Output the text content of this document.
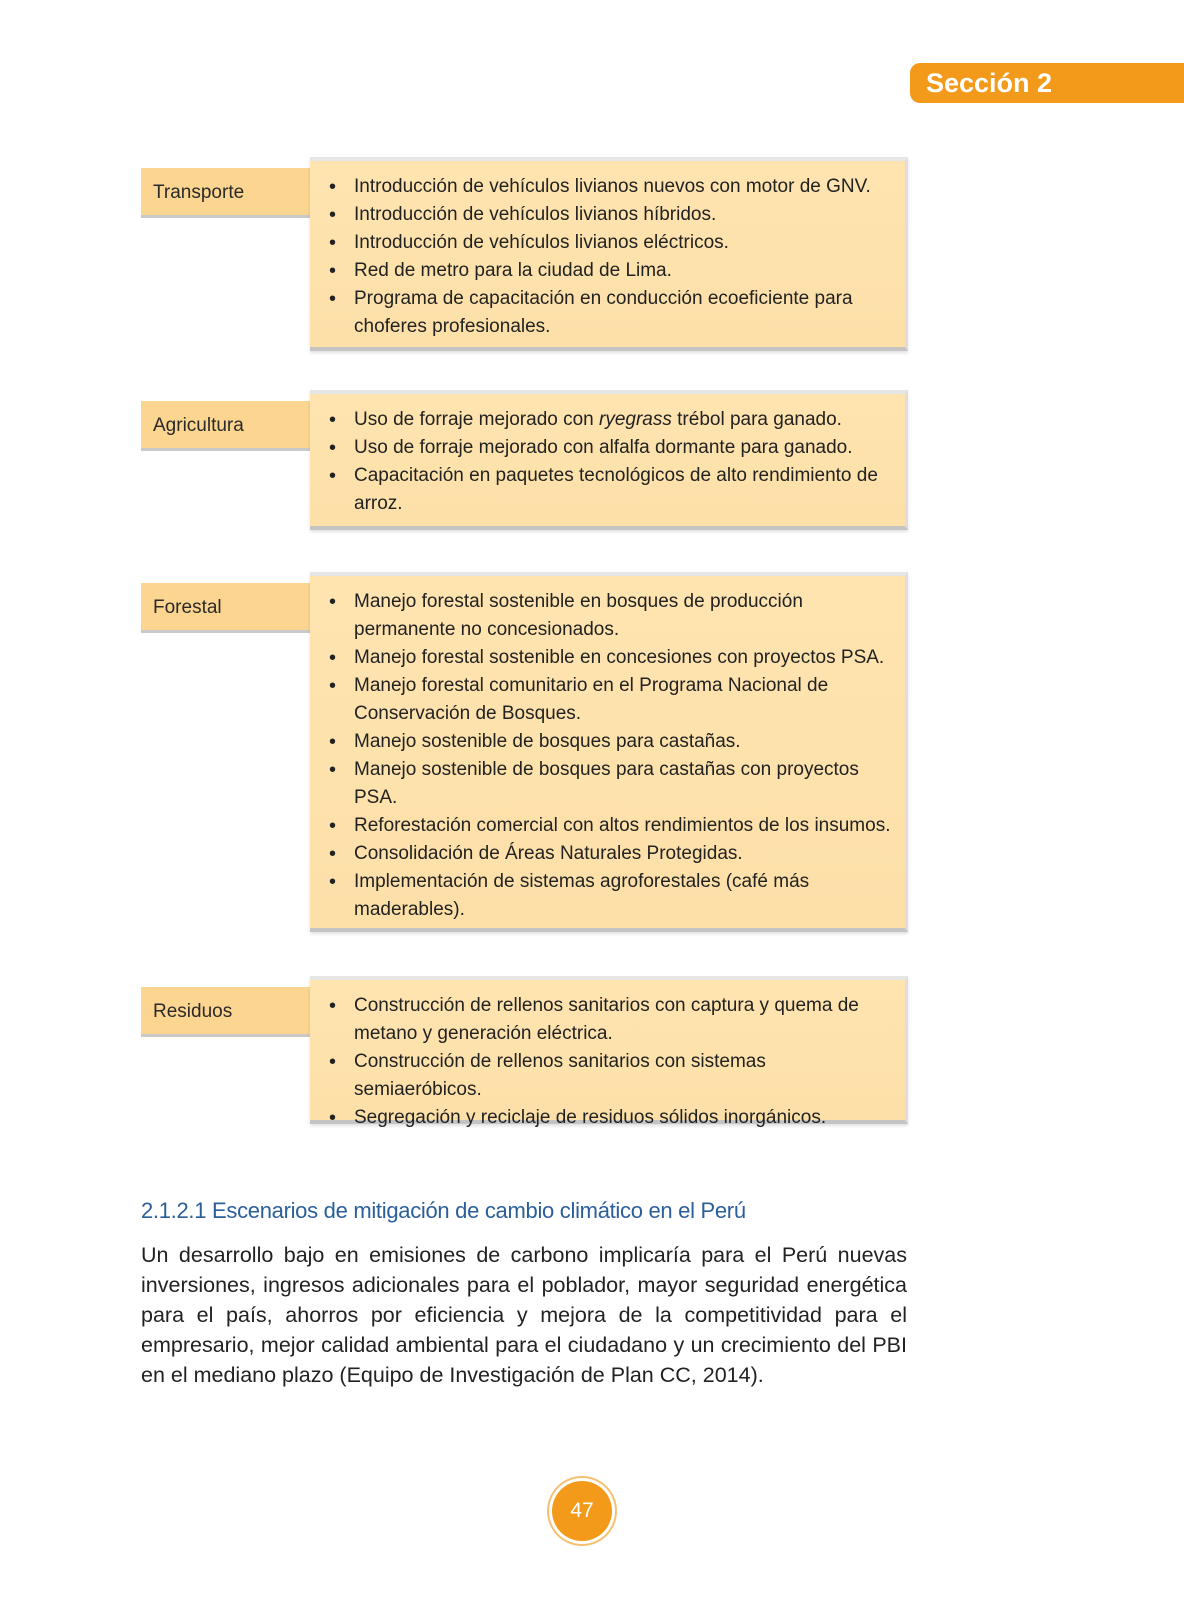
Sección 2
Transporte	• Introducción de vehículos livianos nuevos con motor de GNV.
• Introducción de vehículos livianos híbridos.
• Introducción de vehículos livianos eléctricos.
• Red de metro para la ciudad de Lima.
• Programa de capacitación en conducción ecoeficiente para choferes profesionales.
Agricultura	• Uso de forraje mejorado con ryegrass trébol para ganado.
• Uso de forraje mejorado con alfalfa dormante para ganado.
• Capacitación en paquetes tecnológicos de alto rendimiento de arroz.
Forestal	• Manejo forestal sostenible en bosques de producción permanente no concesionados.
• Manejo forestal sostenible en concesiones con proyectos PSA.
• Manejo forestal comunitario en el Programa Nacional de Conservación de Bosques.
• Manejo sostenible de bosques para castañas.
• Manejo sostenible de bosques para castañas con proyectos PSA.
• Reforestación comercial con altos rendimientos de los insumos.
• Consolidación de Áreas Naturales Protegidas.
• Implementación de sistemas agroforestales (café más maderables).
Residuos	• Construcción de rellenos sanitarios con captura y quema de metano y generación eléctrica.
• Construcción de rellenos sanitarios con sistemas semiaeróbicos.
• Segregación y reciclaje de residuos sólidos inorgánicos.
2.1.2.1 Escenarios de mitigación de cambio climático en el Perú

Un desarrollo bajo en emisiones de carbono implicaría para el Perú nuevas inversiones, ingresos adicionales para el poblador, mayor seguridad energética para el país, ahorros por eficiencia y mejora de la competitividad para el empresario, mejor calidad ambiental para el ciudadano y un crecimiento del PBI en el mediano plazo (Equipo de Investigación de Plan CC, 2014).

47
